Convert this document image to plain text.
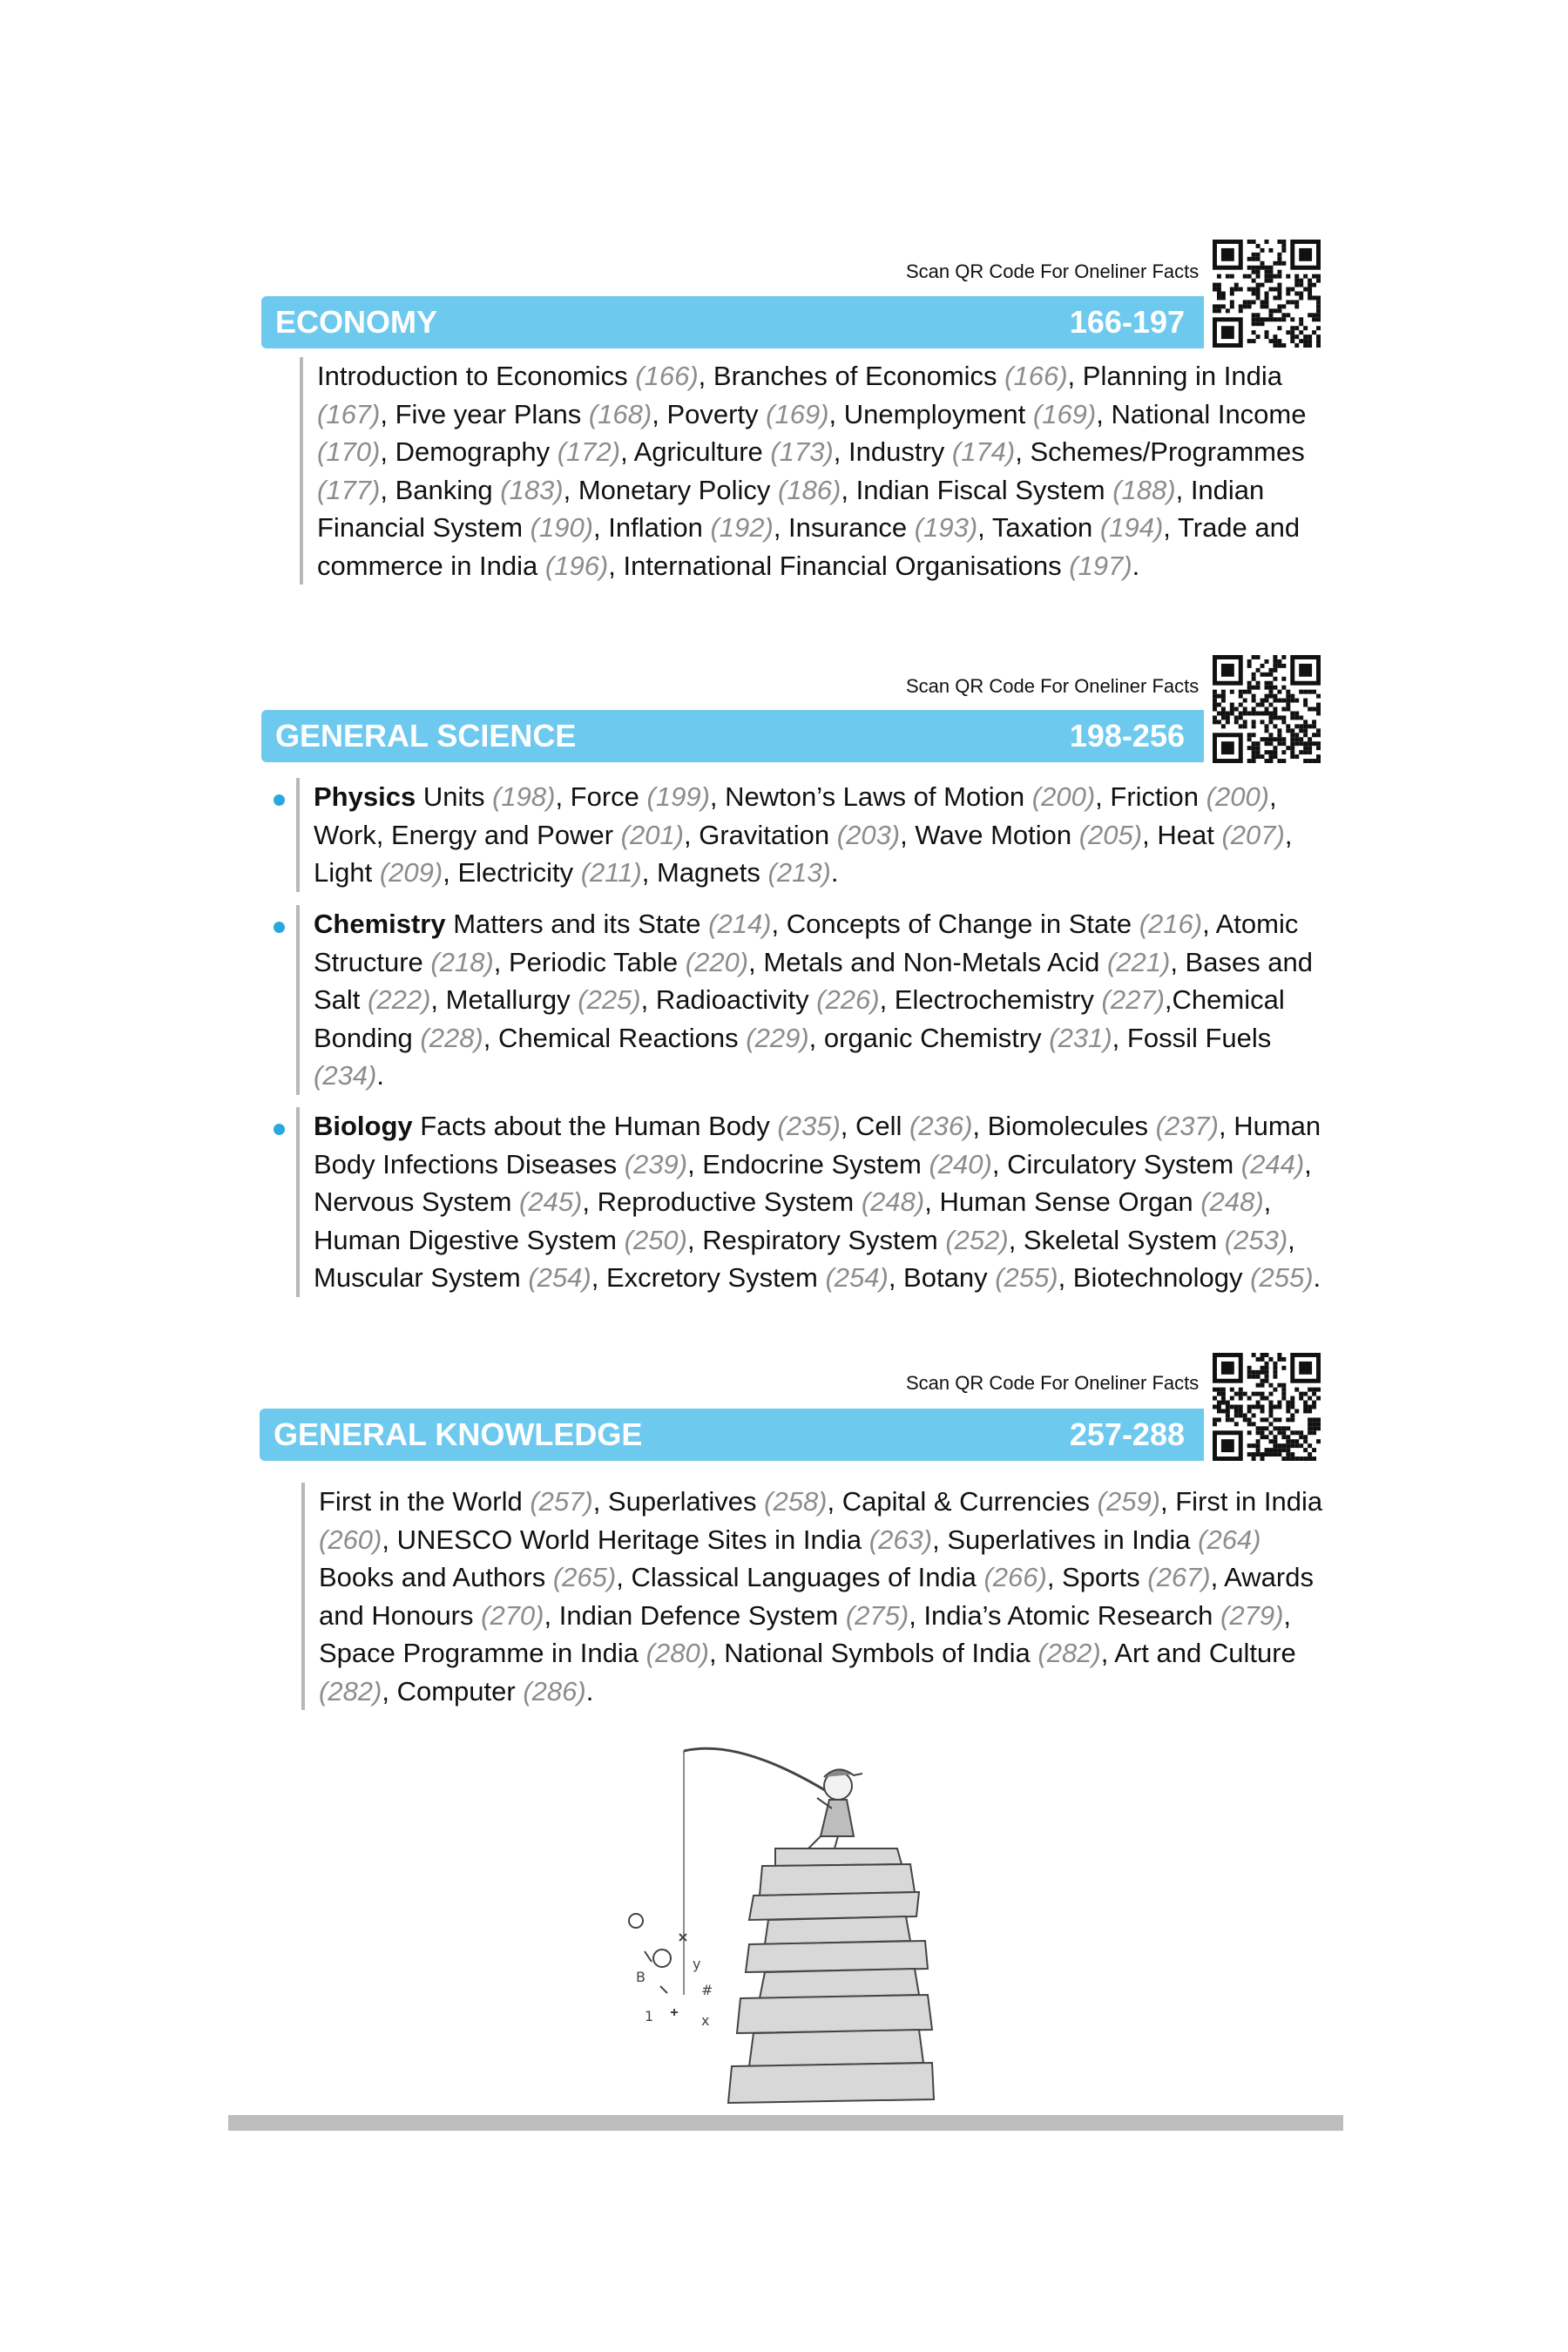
Scan QR Code For Oneliner Facts
ECONOMY	166-197
Introduction to Economics (166), Branches of Economics (166), Planning in India (167), Five year Plans (168), Poverty (169), Unemployment (169), National Income (170), Demography (172), Agriculture (173), Industry (174), Schemes/Programmes (177), Banking (183), Monetary Policy (186), Indian Fiscal System (188), Indian Financial System (190), Inflation (192), Insurance (193), Taxation (194), Trade and commerce in India (196), International Financial Organisations (197).
Scan QR Code For Oneliner Facts
GENERAL SCIENCE	198-256
Physics Units (198), Force (199), Newton’s Laws of Motion (200), Friction (200), Work, Energy and Power (201), Gravitation (203), Wave Motion (205), Heat (207), Light (209), Electricity (211), Magnets (213).
Chemistry Matters and its State (214), Concepts of Change in State (216), Atomic Structure (218), Periodic Table (220), Metals and Non-Metals Acid (221), Bases and Salt (222), Metallurgy (225), Radioactivity (226), Electrochemistry (227),Chemical Bonding (228), Chemical Reactions (229), organic Chemistry (231), Fossil Fuels (234).
Biology Facts about the Human Body (235), Cell (236), Biomolecules (237), Human Body Infections Diseases (239), Endocrine System (240), Circulatory System (244), Nervous System (245), Reproductive System (248), Human Sense Organ (248), Human Digestive System (250), Respiratory System (252), Skeletal System (253), Muscular System (254), Excretory System (254), Botany (255), Biotechnology (255).
Scan QR Code For Oneliner Facts
GENERAL KNOWLEDGE	257-288
First in the World (257), Superlatives (258), Capital & Currencies (259), First in India (260), UNESCO World Heritage Sites in India (263), Superlatives in India (264) Books and Authors (265), Classical Languages of India (266), Sports (267), Awards and Honours (270), Indian Defence System (275), India’s Atomic Research (279), Space Programme in India (280), National Symbols of India (282), Art and Culture (282), Computer (286).
B
1
y
#
x
